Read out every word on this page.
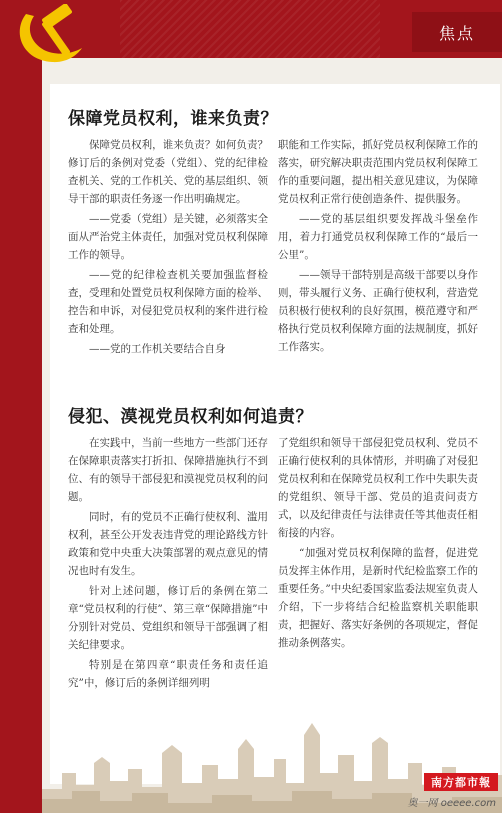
焦点
保障党员权利，谁来负责？

保障党员权利，谁来负责？如何负责？修订后的条例对党委（党组）、党的纪律检查机关、党的工作机关、党的基层组织、领导干部的职责任务逐一作出明确规定。

——党委（党组）是关键，必须落实全面从严治党主体责任，加强对党员权利保障工作的领导。

——党的纪律检查机关要加强监督检查，受理和处置党员权利保障方面的检举、控告和申诉，对侵犯党员权利的案件进行检查和处理。

——党的工作机关要结合自身

职能和工作实际，抓好党员权利保障工作的落实，研究解决职责范围内党员权利保障工作的重要问题，提出相关意见建议，为保障党员权利正常行使创造条件、提供服务。

——党的基层组织要发挥战斗堡垒作用，着力打通党员权利保障工作的“最后一公里”。

——领导干部特别是高级干部要以身作则，带头履行义务、正确行使权利，营造党员积极行使权利的良好氛围，模范遵守和严格执行党员权利保障方面的法规制度，抓好工作落实。

侵犯、漠视党员权利如何追责？

在实践中，当前一些地方一些部门还存在保障职责落实打折扣、保障措施执行不到位、有的领导干部侵犯和漠视党员权利的问题。

同时，有的党员不正确行使权利、滥用权利，甚至公开发表违背党的理论路线方针政策和党中央重大决策部署的观点意见的情况也时有发生。

针对上述问题，修订后的条例在第二章“党员权利的行使”、第三章“保障措施”中分别针对党员、党组织和领导干部强调了相关纪律要求。

特别是在第四章“职责任务和责任追究”中，修订后的条例详细列明

了党组织和领导干部侵犯党员权利、党员不正确行使权利的具体情形，并明确了对侵犯党员权利和在保障党员权利工作中失职失责的党组织、领导干部、党员的追责问责方式，以及纪律责任与法律责任等其他责任相衔接的内容。

“加强对党员权利保障的监督，促进党员发挥主体作用，是新时代纪检监察工作的重要任务。”中央纪委国家监委法规室负责人介绍，下一步将结合纪检监察机关职能职责，把握好、落实好条例的各项规定，督促推动条例落实。

南方都市報
奥一网 oeeee.com
